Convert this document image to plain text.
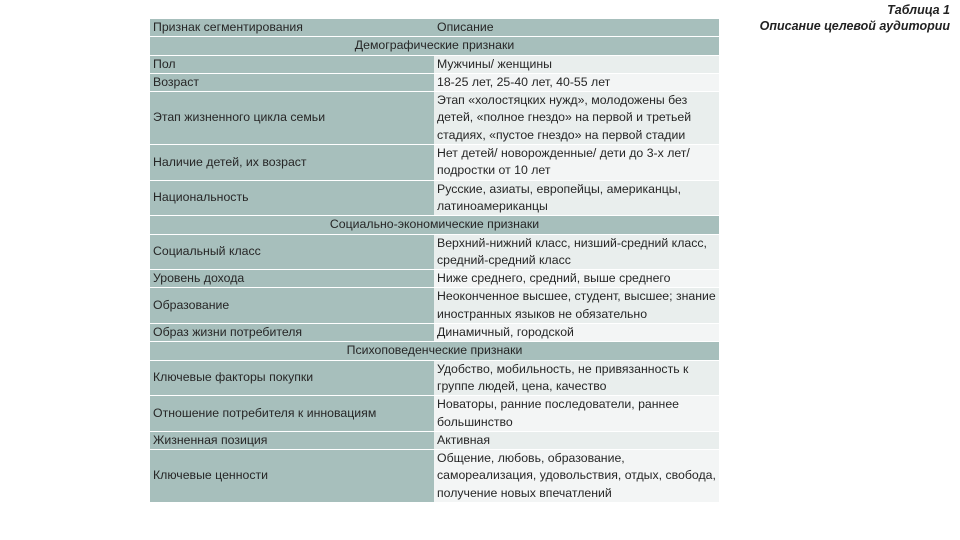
Таблица 1
Описание целевой аудитории
Признак сегментирования	Описание
Демографические признаки	
Пол	Мужчины/ женщины
Возраст	18-25 лет, 25-40 лет, 40-55 лет
Этап жизненного цикла семьи	Этап «холостяцких нужд», молодожены без детей, «полное гнездо» на первой и третьей стадиях, «пустое гнездо» на первой стадии
Наличие детей, их возраст	Нет детей/ новорожденные/ дети до 3-х лет/ подростки от 10 лет
Национальность	Русские, азиаты, европейцы, американцы, латиноамериканцы
Социально-экономические признаки	
Социальный класс	Верхний-нижний класс, низший-средний класс, средний-средний класс
Уровень дохода	Ниже среднего, средний, выше среднего
Образование	Неоконченное высшее, студент, высшее; знание иностранных языков не обязательно
Образ жизни потребителя	Динамичный, городской
Психоповеденческие признаки	
Ключевые факторы покупки	Удобство, мобильность, не привязанность к группе людей, цена, качество
Отношение потребителя к инновациям	Новаторы, ранние последователи, раннее большинство
Жизненная позиция	Активная
Ключевые ценности	Общение, любовь, образование, самореализация, удовольствия, отдых, свобода, получение новых впечатлений
